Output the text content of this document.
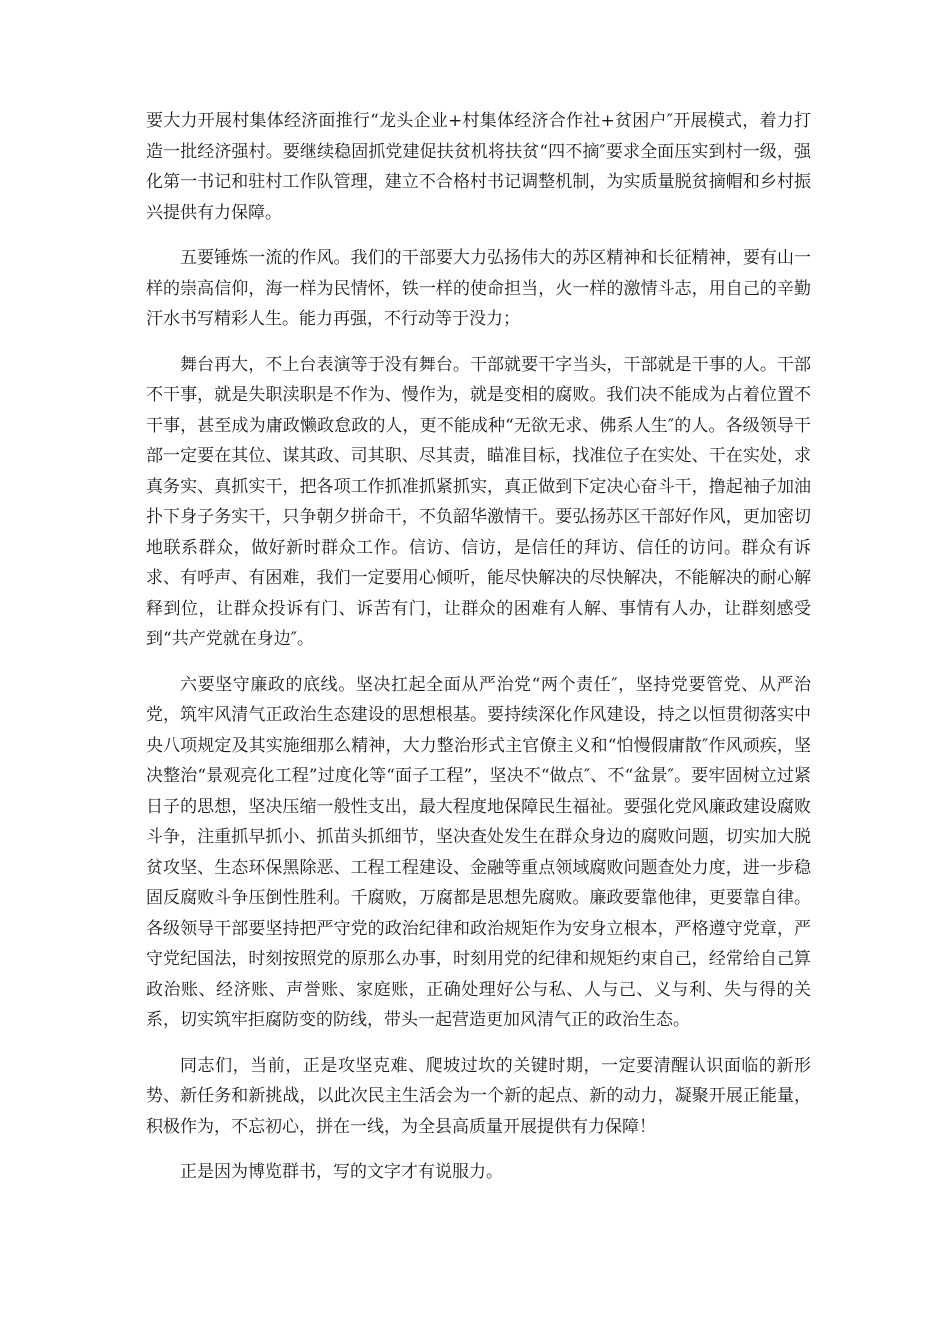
要大力开展村集体经济面推行“龙头企业+村集体经济合作社+贫困户″开展模式，着力打造一批经济强村。要继续稳固抓党建促扶贫机将扶贫“四不摘″要求全面压实到村一级，强化第一书记和驻村工作队管理，建立不合格村书记调整机制，为实质量脱贫摘帽和乡村振兴提供有力保障。

五要锤炼一流的作风。我们的干部要大力弘扬伟大的苏区精神和长征精神，要有山一样的崇高信仰，海一样为民情怀，铁一样的使命担当，火一样的激情斗志，用自己的辛勤汗水书写精彩人生。能力再强，不行动等于没力；

舞台再大，不上台表演等于没有舞台。干部就要干字当头，干部就是干事的人。干部不干事，就是失职渎职是不作为、慢作为，就是变相的腐败。我们决不能成为占着位置不干事，甚至成为庸政懒政怠政的人，更不能成种“无欲无求、佛系人生″的人。各级领导干部一定要在其位、谋其政、司其职、尽其责，瞄准目标，找准位子在实处、干在实处，求真务实、真抓实干，把各项工作抓准抓紧抓实，真正做到下定决心奋斗干，撸起袖子加油扑下身子务实干，只争朝夕拼命干，不负韶华激情干。要弘扬苏区干部好作风，更加密切地联系群众，做好新时群众工作。信访、信访，是信任的拜访、信任的访问。群众有诉求、有呼声、有困难，我们一定要用心倾听，能尽快解决的尽快解决，不能解决的耐心解释到位，让群众投诉有门、诉苦有门，让群众的困难有人解、事情有人办，让群刻感受到“共产党就在身边″。

六要坚守廉政的底线。坚决扛起全面从严治党“两个责任″，坚持党要管党、从严治党，筑牢风清气正政治生态建设的思想根基。要持续深化作风建设，持之以恒贯彻落实中央八项规定及其实施细那么精神，大力整治形式主官僚主义和“怕慢假庸散″作风顽疾，坚决整治“景观亮化工程”过度化等“面子工程”，坚决不“做点″、不“盆景″。要牢固树立过紧日子的思想，坚决压缩一般性支出，最大程度地保障民生福祉。要强化党风廉政建设腐败斗争，注重抓早抓小、抓苗头抓细节，坚决查处发生在群众身边的腐败问题，切实加大脱贫攻坚、生态环保黑除恶、工程工程建设、金融等重点领域腐败问题查处力度，进一步稳固反腐败斗争压倒性胜利。千腐败，万腐都是思想先腐败。廉政要靠他律，更要靠自律。各级领导干部要坚持把严守党的政治纪律和政治规矩作为安身立根本，严格遵守党章，严守党纪国法，时刻按照党的原那么办事，时刻用党的纪律和规矩约束自己，经常给自己算政治账、经济账、声誉账、家庭账，正确处理好公与私、人与己、义与利、失与得的关系，切实筑牢拒腐防变的防线，带头一起营造更加风清气正的政治生态。

同志们，当前，正是攻坚克难、爬坡过坎的关键时期，一定要清醒认识面临的新形势、新任务和新挑战，以此次民主生活会为一个新的起点、新的动力，凝聚开展正能量，积极作为，不忘初心，拼在一线，为全县高质量开展提供有力保障！

正是因为博览群书，写的文字才有说服力。
